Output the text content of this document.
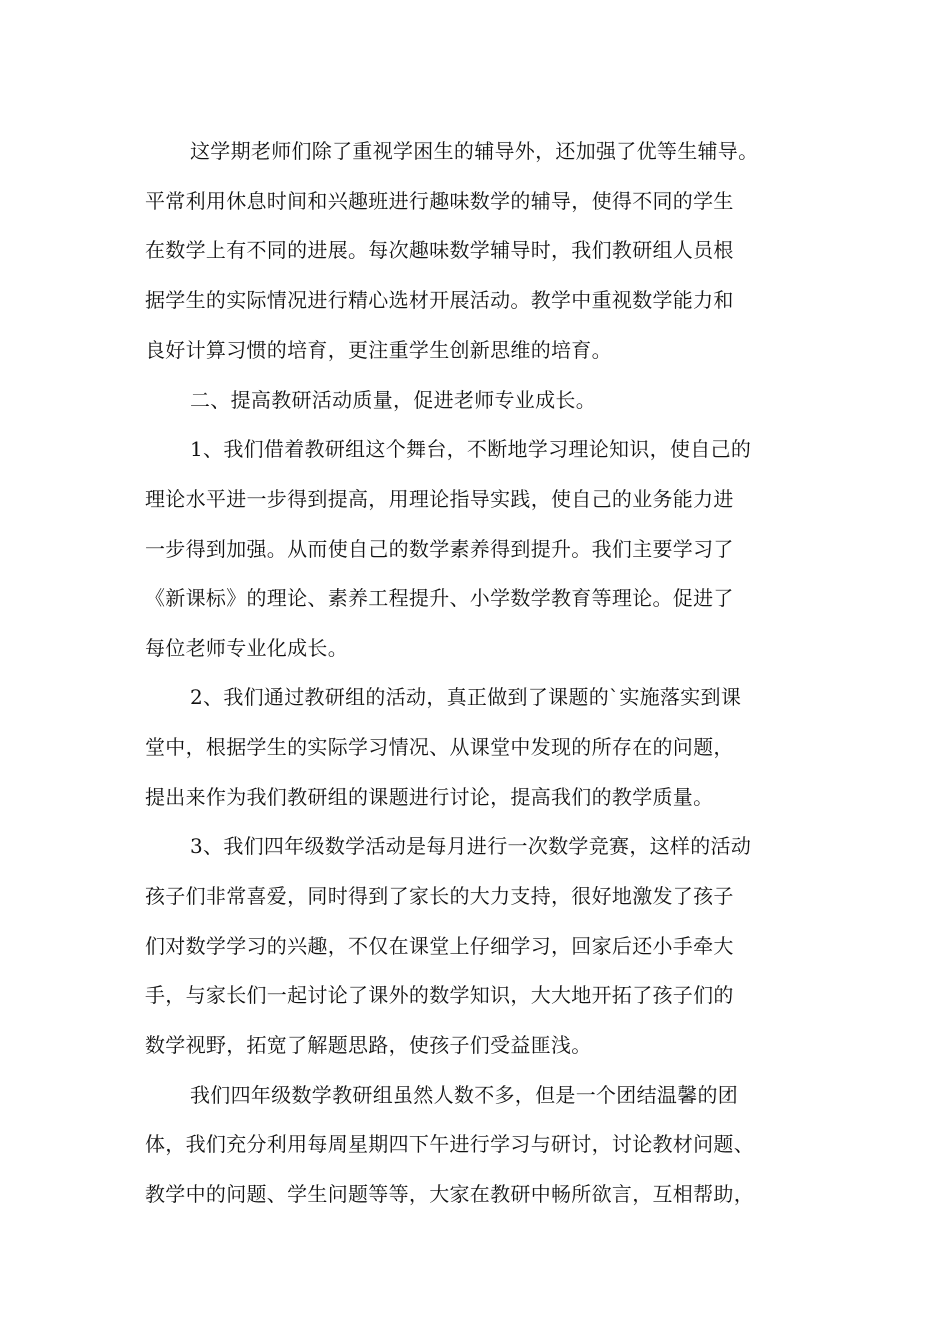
这学期老师们除了重视学困生的辅导外，还加强了优等生辅导。
平常利用休息时间和兴趣班进行趣味数学的辅导，使得不同的学生
在数学上有不同的进展。每次趣味数学辅导时，我们教研组人员根
据学生的实际情况进行精心选材开展活动。教学中重视数学能力和
良好计算习惯的培育，更注重学生创新思维的培育。
二、提高教研活动质量，促进老师专业成长。
1、我们借着教研组这个舞台，不断地学习理论知识，使自己的
理论水平进一步得到提高，用理论指导实践，使自己的业务能力进
一步得到加强。从而使自己的数学素养得到提升。我们主要学习了
《新课标》的理论、素养工程提升、小学数学教育等理论。促进了
每位老师专业化成长。
2、我们通过教研组的活动，真正做到了课题的`实施落实到课
堂中，根据学生的实际学习情况、从课堂中发现的所存在的问题，
提出来作为我们教研组的课题进行讨论，提高我们的教学质量。
3、我们四年级数学活动是每月进行一次数学竞赛，这样的活动
孩子们非常喜爱，同时得到了家长的大力支持，很好地激发了孩子
们对数学学习的兴趣，不仅在课堂上仔细学习，回家后还小手牵大
手，与家长们一起讨论了课外的数学知识，大大地开拓了孩子们的
数学视野，拓宽了解题思路，使孩子们受益匪浅。
我们四年级数学教研组虽然人数不多，但是一个团结温馨的团
体，我们充分利用每周星期四下午进行学习与研讨，讨论教材问题、
教学中的问题、学生问题等等，大家在教研中畅所欲言，互相帮助，
